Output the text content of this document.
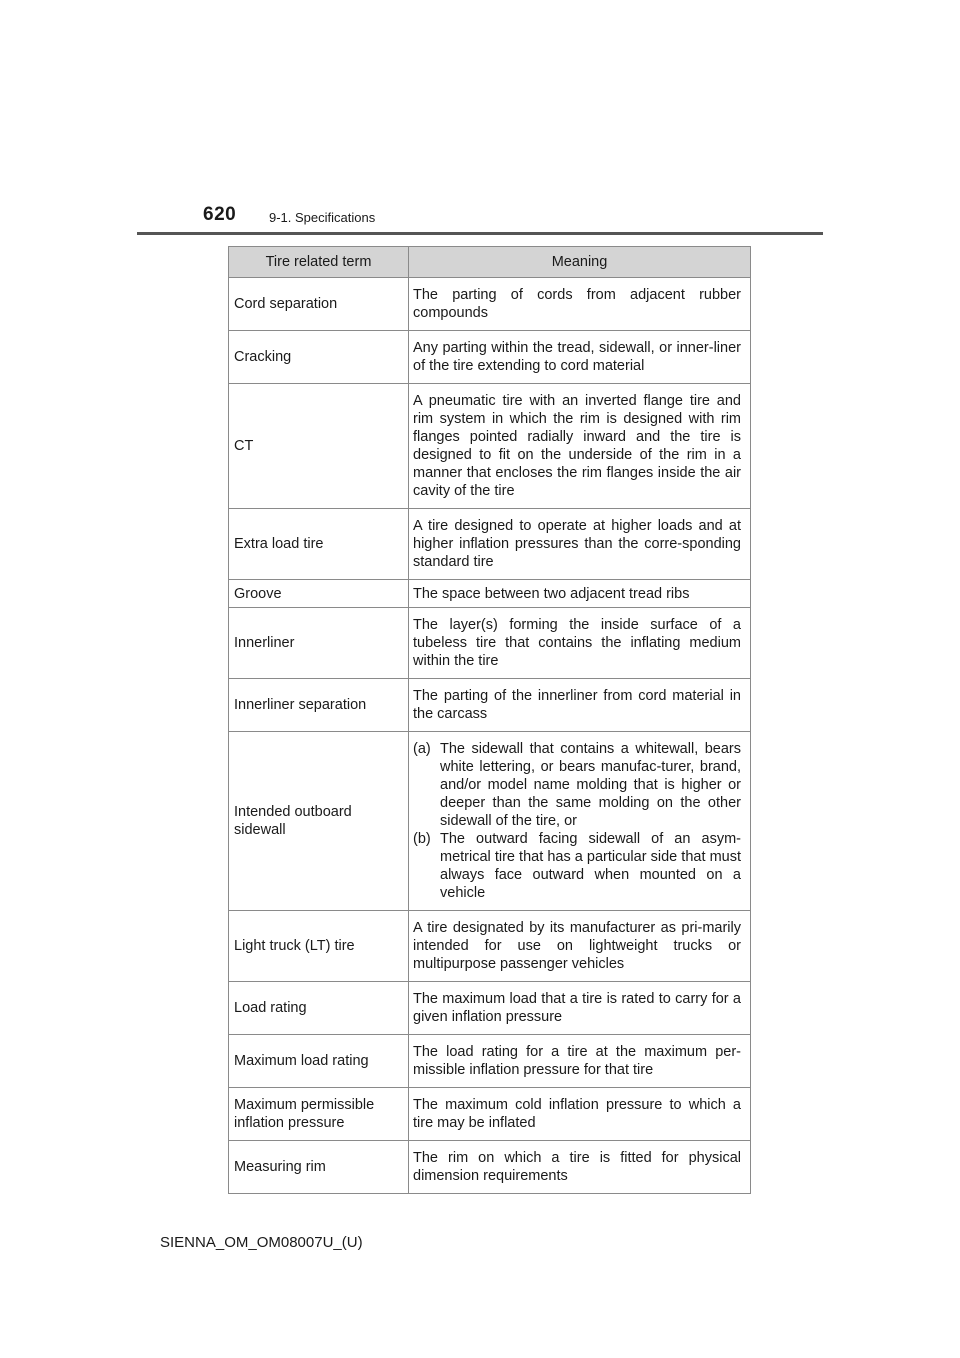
620	9-1. Specifications
Tire related term	Meaning
Cord separation	The parting of cords from adjacent rubber compounds
Cracking	Any parting within the tread, sidewall, or inner-liner of the tire extending to cord material
CT	A pneumatic tire with an inverted flange tire and rim system in which the rim is designed with rim flanges pointed radially inward and the tire is designed to fit on the underside of the rim in a manner that encloses the rim flanges inside the air cavity of the tire
Extra load tire	A tire designed to operate at higher loads and at higher inflation pressures than the corre-sponding standard tire
Groove	The space between two adjacent tread ribs
Innerliner	The layer(s) forming the inside surface of a tubeless tire that contains the inflating medium within the tire
Innerliner separation	The parting of the innerliner from cord material in the carcass
Intended outboard sidewall	(a) The sidewall that contains a whitewall, bears white lettering, or bears manufac-turer, brand, and/or model name molding that is higher or deeper than the same molding on the other sidewall of the tire, or
(b) The outward facing sidewall of an asym-metrical tire that has a particular side that must always face outward when mounted on a vehicle

Light truck (LT) tire	A tire designated by its manufacturer as pri-marily intended for use on lightweight trucks or multipurpose passenger vehicles
Load rating	The maximum load that a tire is rated to carry for a given inflation pressure
Maximum load rating	The load rating for a tire at the maximum per-missible inflation pressure for that tire
Maximum permissible inflation pressure	The maximum cold inflation pressure to which a tire may be inflated
Measuring rim	The rim on which a tire is fitted for physical dimension requirements
SIENNA_OM_OM08007U_(U)
